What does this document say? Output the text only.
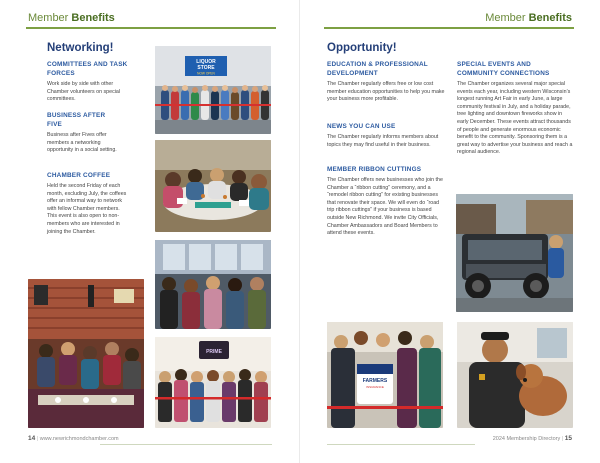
Member Benefits
Networking!
COMMITTEES AND TASK FORCES
Work side by side with other Chamber volunteers on special committees.
BUSINESS AFTER FIVE
Business after Fives offer members a networking opportunity in a social setting.
CHAMBER COFFEE
Held the second Friday of each month, excluding July, the coffees offer an informal way to network with fellow Chamber members. This event is also open to non-members who are interested in joining the Chamber.
LIQUOR
STORE
NOW OPEN
PRIME
14 | www.newrichmondchamber.com
Member Benefits
Opportunity!
EDUCATION & PROFESSIONAL DEVELOPMENT
The Chamber regularly offers free or low cost member education opportunities to help you make your business more profitable.
NEWS YOU CAN USE
The Chamber regularly informs members about topics they may find useful in their business.
MEMBER RIBBON CUTTINGS
The Chamber offers new businesses who join the Chamber a “ribbon cutting” ceremony, and a “remodel ribbon cutting” for existing businesses that renovate their space. We will even do “road trip ribbon cuttings” if your business is based outside New Richmond. We invite City Officials, Chamber Ambassadors and Board Members to attend these events.
SPECIAL EVENTS AND COMMUNITY CONNECTIONS
The Chamber organizes several major special events each year, including western Wisconsin’s longest running Art Fair in early June, a large community festival in July, and a holiday parade, tree lighting and downtown fireworks show in early December. These events attract thousands of people and generate enormous economic benefit to the community. Sponsoring them is a great way to advertise your business and reach a regional audience.
FARMERS
INSURANCE
2024 Membership Directory | 15
